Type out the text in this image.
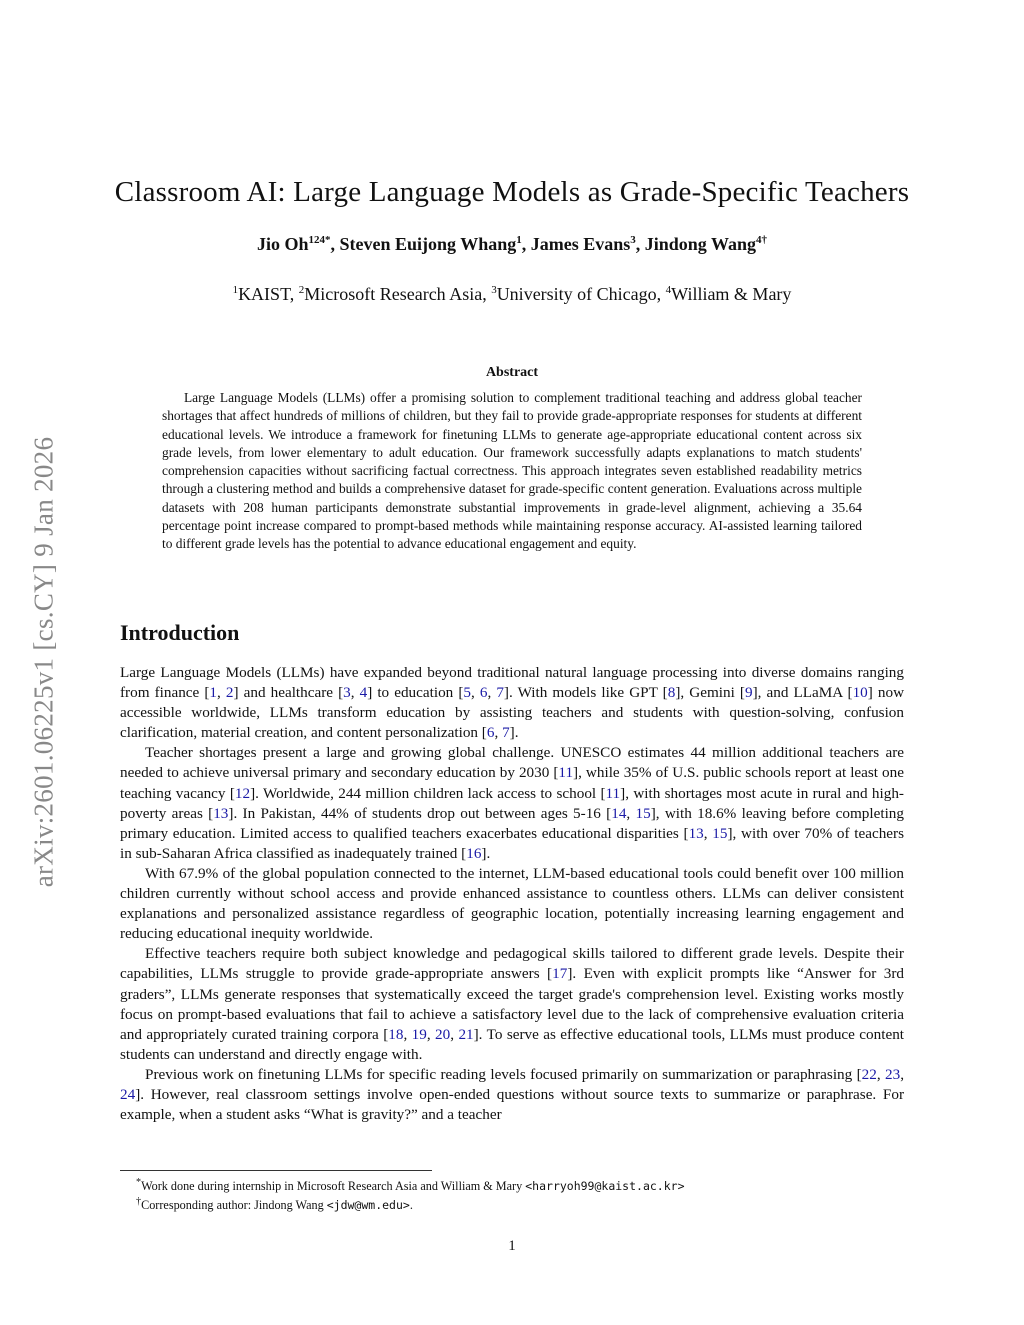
arXiv:2601.06225v1 [cs.CY] 9 Jan 2026
Classroom AI: Large Language Models as Grade-Specific Teachers
Jio $Oh^{124*}$, Steven Euijong Whang$^1$, James Evans$^3$, Jindong Wang$^{4\dagger}$
$^1$KAIST, $^2$Microsoft Research Asia, $^3$University of Chicago, $^4$William & Mary
Abstract

Large Language Models (LLMs) offer a promising solution to complement traditional teaching and address global teacher shortages that affect hundreds of millions of children, but they fail to provide grade-appropriate responses for students at different educational levels. We introduce a framework for finetuning LLMs to generate age-appropriate educational content across six grade levels, from lower elementary to adult education. Our framework successfully adapts explanations to match students' comprehension capacities without sacrificing factual correctness. This approach integrates seven established readability metrics through a clustering method and builds a comprehensive dataset for grade-specific content generation. Evaluations across multiple datasets with 208 human participants demonstrate substantial improvements in grade-level alignment, achieving a 35.64 percentage point increase compared to prompt-based methods while maintaining response accuracy. AI-assisted learning tailored to different grade levels has the potential to advance educational engagement and equity.

Introduction

Large Language Models (LLMs) have expanded beyond traditional natural language processing into diverse domains ranging from finance [1, 2] and healthcare [3, 4] to education [5, 6, 7]. With models like GPT [8], Gemini [9], and LLaMA [10] now accessible worldwide, LLMs transform education by assisting teachers and students with question-solving, confusion clarification, material creation, and content personalization [6, 7].

Teacher shortages present a large and growing global challenge. UNESCO estimates 44 million additional teachers are needed to achieve universal primary and secondary education by 2030 [11], while 35% of U.S. public schools report at least one teaching vacancy [12]. Worldwide, 244 million children lack access to school [11], with shortages most acute in rural and high-poverty areas [13]. In Pakistan, 44% of students drop out between ages 5-16 [14, 15], with 18.6% leaving before completing primary education. Limited access to qualified teachers exacerbates educational disparities [13, 15], with over 70% of teachers in sub-Saharan Africa classified as inadequately trained [16].

With 67.9% of the global population connected to the internet, LLM-based educational tools could benefit over 100 million children currently without school access and provide enhanced assistance to countless others. LLMs can deliver consistent explanations and personalized assistance regardless of geographic location, potentially increasing learning engagement and reducing educational inequity worldwide.

Effective teachers require both subject knowledge and pedagogical skills tailored to different grade levels. Despite their capabilities, LLMs struggle to provide grade-appropriate answers [17]. Even with explicit prompts like “Answer for 3rd graders”, LLMs generate responses that systematically exceed the target grade's comprehension level. Existing works mostly focus on prompt-based evaluations that fail to achieve a satisfactory level due to the lack of comprehensive evaluation criteria and appropriately curated training corpora [18, 19, 20, 21]. To serve as effective educational tools, LLMs must produce content students can understand and directly engage with.

Previous work on finetuning LLMs for specific reading levels focused primarily on summarization or paraphrasing [22, 23, 24]. However, real classroom settings involve open-ended questions without source texts to summarize or paraphrase. For example, when a student asks “What is gravity?” and a teacher

*Work done during internship in Microsoft Research Asia and William & Mary <harryoh99@kaist.ac.kr>
†Corresponding author: Jindong Wang <jdw@wm.edu>.
1
